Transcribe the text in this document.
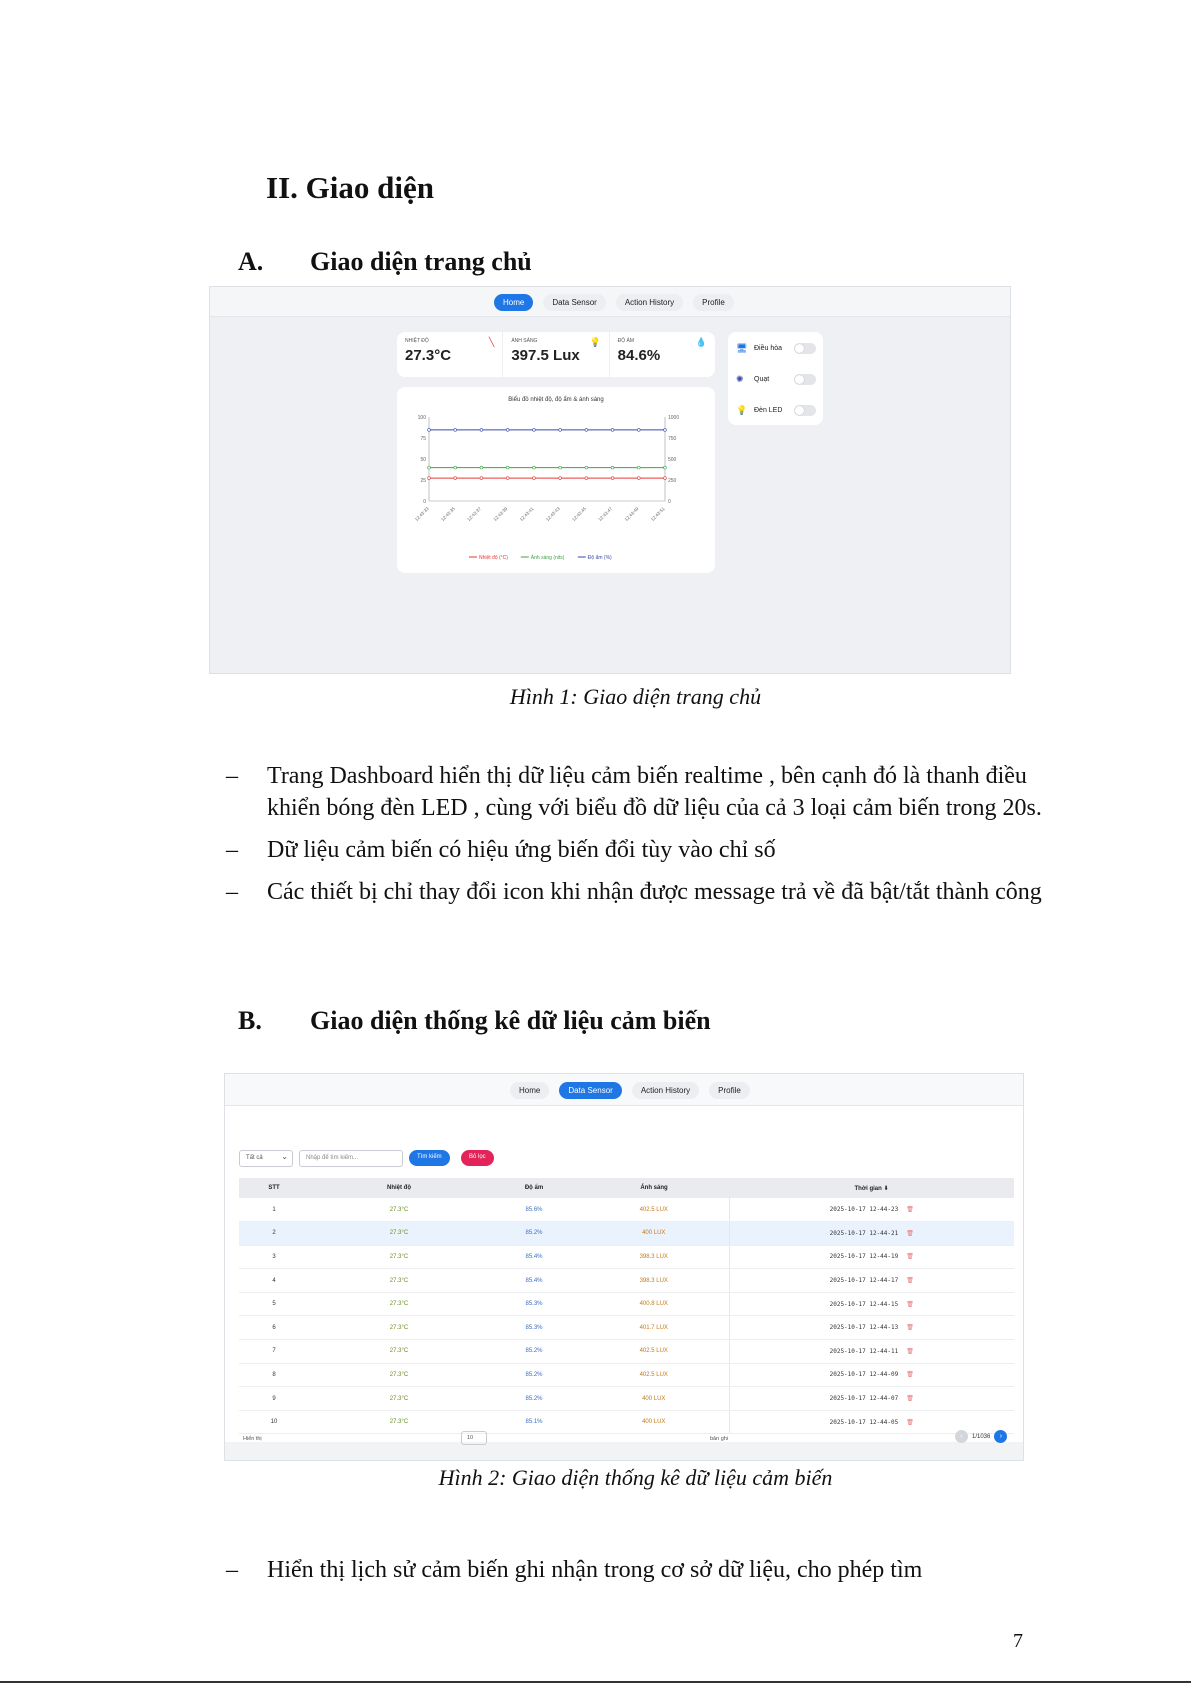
II. Giao diện
A. Giao diện trang chủ
Home	Data Sensor	Action History	Profile
NHIỆT ĐỘ
27.3°C
╲	ÁNH SÁNG
397.5 Lux
💡	ĐỘ ẨM
84.6%
💧
Biểu đồ nhiệt độ, độ ẩm & ánh sáng
0
25
50
75
100
0
250
500
750
1000
12:43:33 12:43:35 12:43:37 12:43:39 12:43:41 12:43:43 12:43:45 12:43:47 12:43:49 12:43:51
Nhiệt độ (°C)	Ánh sáng (nits)	Độ ẩm (%)
🖥 Điều hòa
✺	Quạt
💡 Đèn LED
Hình 1: Giao diện trang chủ
– Trang Dashboard hiển thị dữ liệu cảm biến realtime , bên cạnh đó là thanh điều khiển bóng đèn LED , cùng với biểu đồ dữ liệu của cả 3 loại cảm biến trong 20s.
– Dữ liệu cảm biến có hiệu ứng biến đổi tùy vào chỉ số
– Các thiết bị chỉ thay đổi icon khi nhận được message trả về đã bật/tắt thành công
B. Giao diện thống kê dữ liệu cảm biến
Home	Data Sensor	Action History	Profile
Tất cả ⌄	Nhập để tìm kiếm...	Tìm kiếm	Bỏ lọc
STT	Nhiệt độ	Độ ẩm	Ánh sáng	Thời gian ⬇
1	27.3°C	85.6%	402.5 LUX	2025-10-17 12-44-23 🗑
2	27.3°C	85.2%	400 LUX	2025-10-17 12-44-21 🗑
3	27.3°C	85.4%	398.3 LUX	2025-10-17 12-44-19 🗑
4	27.3°C	85.4%	398.3 LUX	2025-10-17 12-44-17 🗑
5	27.3°C	85.3%	400.8 LUX	2025-10-17 12-44-15 🗑
6	27.3°C	85.3%	401.7 LUX	2025-10-17 12-44-13 🗑
7	27.3°C	85.2%	402.5 LUX	2025-10-17 12-44-11 🗑
8	27.3°C	85.2%	402.5 LUX	2025-10-17 12-44-09 🗑
9	27.3°C	85.2%	400 LUX	2025-10-17 12-44-07 🗑
10	27.3°C	85.1%	400 LUX	2025-10-17 12-44-05 🗑
Hiển thị	10	bản ghi	‹	1/1036	›
Hình 2: Giao diện thống kê dữ liệu cảm biến
– Hiển thị lịch sử cảm biến ghi nhận trong cơ sở dữ liệu, cho phép tìm
7
